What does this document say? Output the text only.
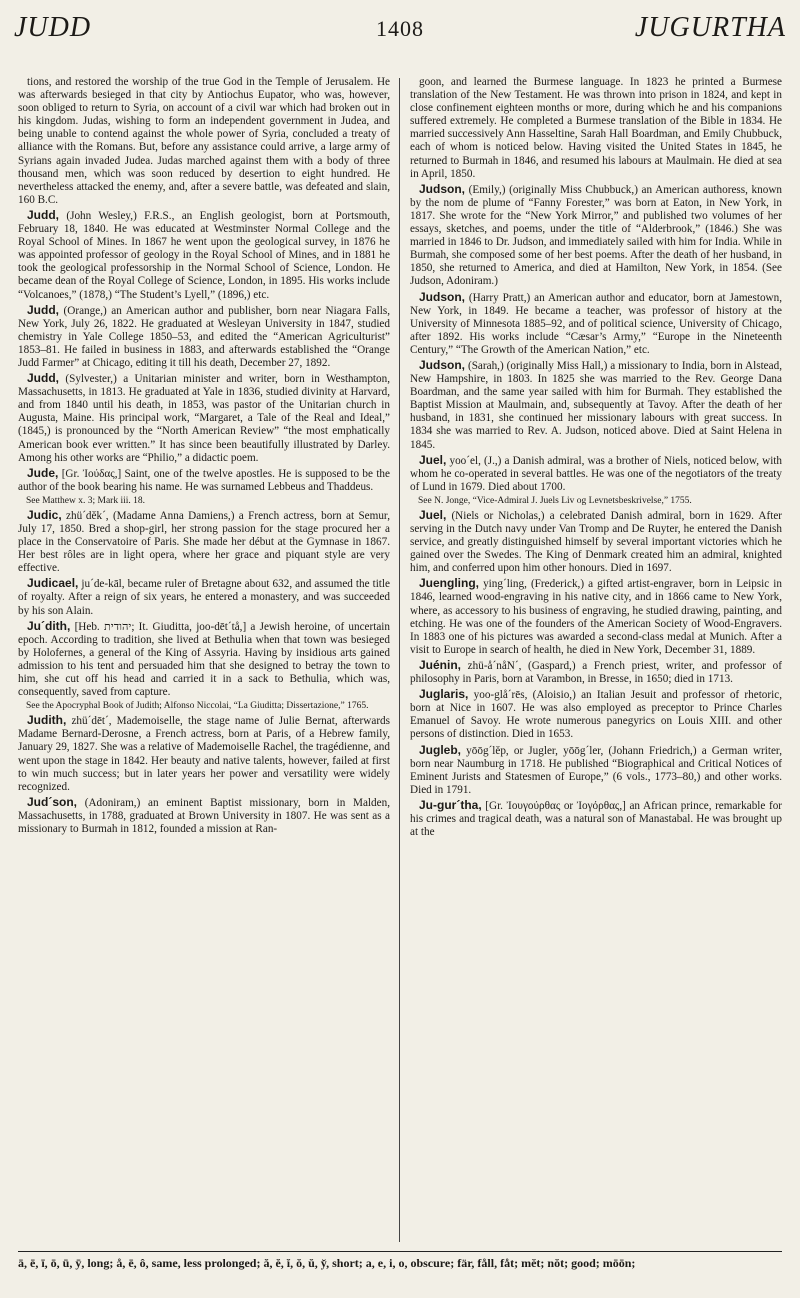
JUDD	1408	JUGURTHA

tions, and restored the worship of the true God in the Temple of Jerusalem. He was afterwards besieged in that city by Antiochus Eupator, who was, however, soon obliged to return to Syria, on account of a civil war which had broken out in his kingdom. Judas, wishing to form an independent government in Judea, and being unable to contend against the whole power of Syria, concluded a treaty of alliance with the Romans. But, before any assistance could arrive, a large army of Syrians again invaded Judea. Judas marched against them with a body of three thousand men, which was soon reduced by desertion to eight hundred. He nevertheless attacked the enemy, and, after a severe battle, was defeated and slain, 160 B.C.

Judd, (John Wesley,) F.R.S., an English geologist, born at Portsmouth, February 18, 1840. He was educated at Westminster Normal College and the Royal School of Mines. In 1867 he went upon the geological survey, in 1876 he was appointed professor of geology in the Royal School of Mines, and in 1881 he took the geological professorship in the Normal School of Science, London. He became dean of the Royal College of Science, London, in 1895. His works include “Volcanoes,” (1878,) “The Student’s Lyell,” (1896,) etc.

Judd, (Orange,) an American author and publisher, born near Niagara Falls, New York, July 26, 1822. He graduated at Wesleyan University in 1847, studied chemistry in Yale College 1850–53, and edited the “American Agriculturist” 1853–81. He failed in business in 1883, and afterwards established the “Orange Judd Farmer” at Chicago, editing it till his death, December 27, 1892.

Judd, (Sylvester,) a Unitarian minister and writer, born in Westhampton, Massachusetts, in 1813. He graduated at Yale in 1836, studied divinity at Harvard, and from 1840 until his death, in 1853, was pastor of the Unitarian church in Augusta, Maine. His principal work, “Margaret, a Tale of the Real and Ideal,” (1845,) is pronounced by the “North American Review” “the most emphatically American book ever written.” It has since been beautifully illustrated by Darley. Among his other works are “Philio,” a didactic poem.

Jude, [Gr. Ἰούδας,] Saint, one of the twelve apostles. He is supposed to be the author of the book bearing his name. He was surnamed Lebbeus and Thaddeus.

See Matthew x. 3; Mark iii. 18.

Judic, zhü´dĕk´, (Madame Anna Damiens,) a French actress, born at Semur, July 17, 1850. Bred a shop-girl, her strong passion for the stage procured her a place in the Conservatoire of Paris. She made her début at the Gymnase in 1867. Her best rôles are in light opera, where her grace and piquant style are very effective.

Judicael, ju´de-kāl, became ruler of Bretagne about 632, and assumed the title of royalty. After a reign of six years, he entered a monastery, and was succeeded by his son Alain.

Ju´dith, [Heb. יהודית; It. Giuditta, joo-dēt´tå,] a Jewish heroine, of uncertain epoch. According to tradition, she lived at Bethulia when that town was besieged by Holofernes, a general of the King of Assyria. Having by insidious arts gained admission to his tent and persuaded him that she designed to betray the town to him, she cut off his head and carried it in a sack to Bethulia, which was, consequently, saved from capture.

See the Apocryphal Book of Judith; Alfonso Niccolai, “La Giuditta; Dissertazione,” 1765.

Judith, zhü´dēt´, Mademoiselle, the stage name of Julie Bernat, afterwards Madame Bernard-Derosne, a French actress, born at Paris, of a Hebrew family, January 29, 1827. She was a relative of Mademoiselle Rachel, the tragédienne, and went upon the stage in 1842. Her beauty and native talents, however, failed at first to win much success; but in later years her power and versatility were widely recognized.

Jud´son, (Adoniram,) an eminent Baptist missionary, born in Malden, Massachusetts, in 1788, graduated at Brown University in 1807. He was sent as a missionary to Burmah in 1812, founded a mission at Ran-

goon, and learned the Burmese language. In 1823 he printed a Burmese translation of the New Testament. He was thrown into prison in 1824, and kept in close confinement eighteen months or more, during which he and his companions suffered extremely. He completed a Burmese translation of the Bible in 1834. He married successively Ann Hasseltine, Sarah Hall Boardman, and Emily Chubbuck, each of whom is noticed below. Having visited the United States in 1845, he returned to Burmah in 1846, and resumed his labours at Maulmain. He died at sea in April, 1850.

Judson, (Emily,) (originally Miss Chubbuck,) an American authoress, known by the nom de plume of “Fanny Forester,” was born at Eaton, in New York, in 1817. She wrote for the “New York Mirror,” and published two volumes of her essays, sketches, and poems, under the title of “Alderbrook,” (1846.) She was married in 1846 to Dr. Judson, and immediately sailed with him for India. While in Burmah, she composed some of her best poems. After the death of her husband, in 1850, she returned to America, and died at Hamilton, New York, in 1854. (See Judson, Adoniram.)

Judson, (Harry Pratt,) an American author and educator, born at Jamestown, New York, in 1849. He became a teacher, was professor of history at the University of Minnesota 1885–92, and of political science, University of Chicago, after 1892. His works include “Cæsar’s Army,” “Europe in the Nineteenth Century,” “The Growth of the American Nation,” etc.

Judson, (Sarah,) (originally Miss Hall,) a missionary to India, born in Alstead, New Hampshire, in 1803. In 1825 she was married to the Rev. George Dana Boardman, and the same year sailed with him for Burmah. They established the Baptist Mission at Maulmain, and, subsequently at Tavoy. After the death of her husband, in 1831, she continued her missionary labours with great success. In 1834 she was married to Rev. A. Judson, noticed above. Died at Saint Helena in 1845.

Juel, yoo´el, (J.,) a Danish admiral, was a brother of Niels, noticed below, with whom he co-operated in several battles. He was one of the negotiators of the treaty of Lund in 1679. Died about 1700.

See N. Jonge, “Vice-Admiral J. Juels Liv og Levnetsbeskrivelse,” 1755.

Juel, (Niels or Nicholas,) a celebrated Danish admiral, born in 1629. After serving in the Dutch navy under Van Tromp and De Ruyter, he entered the Danish service, and greatly distinguished himself by several important victories which he gained over the Swedes. The King of Denmark created him an admiral, knighted him, and conferred upon him other honours. Died in 1697.

Juengling, ying´ling, (Frederick,) a gifted artist-engraver, born in Leipsic in 1846, learned wood-engraving in his native city, and in 1866 came to New York, where, as accessory to his business of engraving, he studied drawing, painting, and etching. He was one of the founders of the American Society of Wood-Engravers. In 1883 one of his pictures was awarded a second-class medal at Munich. After a visit to Europe in search of health, he died in New York, December 31, 1889.

Juénin, zhü-å´nåN´, (Gaspard,) a French priest, writer, and professor of philosophy in Paris, born at Varambon, in Bresse, in 1650; died in 1713.

Juglaris, yoo-glå´rēs, (Aloisio,) an Italian Jesuit and professor of rhetoric, born at Nice in 1607. He was also employed as preceptor to Prince Charles Emanuel of Savoy. He wrote numerous panegyrics on Louis XIII. and other persons of distinction. Died in 1653.

Jugleb, yōōg´lĕp, or Jugler, yōōg´ler, (Johann Friedrich,) a German writer, born near Naumburg in 1718. He published “Biographical and Critical Notices of Eminent Jurists and Statesmen of Europe,” (6 vols., 1773–80,) and other works. Died in 1791.

Ju-gur´tha, [Gr. Ἰουγούρθας or Ἰογόρθας,] an African prince, remarkable for his crimes and tragical death, was a natural son of Manastabal. He was brought up at the

ā, ē, ī, ō, ū, ȳ, long; å, ē, ô, same, less prolonged; ă, ĕ, ĭ, ŏ, ŭ, y̆, short; a, e, i, o, obscure; fär, fåll, fåt; mĕt; nŏt; good; mōōn;
